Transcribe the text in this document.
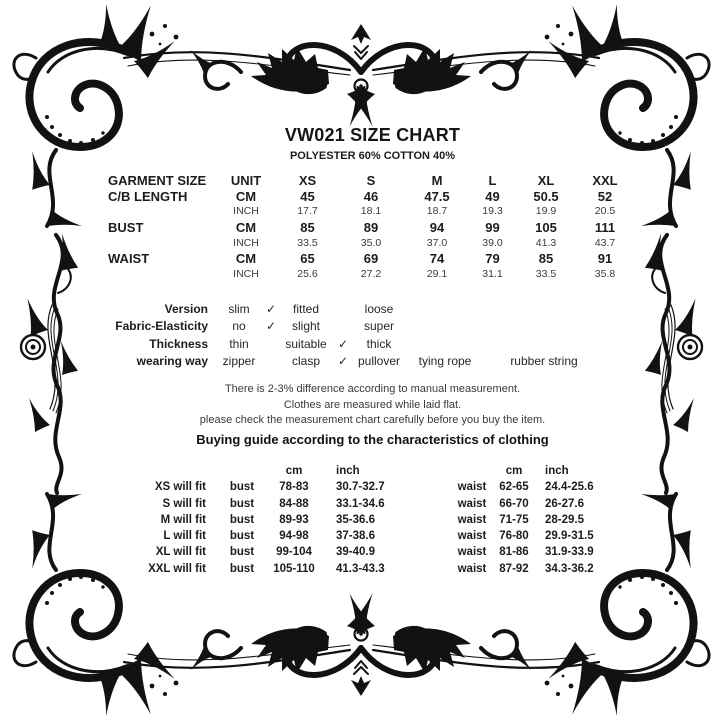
VW021 SIZE CHART
POLYESTER 60% COTTON 40%
GARMENT SIZE	UNIT	XS	S	M	L	XL	XXL
C/B LENGTH	CM	45	46	47.5	49	50.5	52
INCH	17.7	18.1	18.7	19.3	19.9	20.5
BUST	CM	85	89	94	99	105	111
INCH	33.5	35.0	37.0	39.0	41.3	43.7
WAIST	CM	65	69	74	79	85	91
INCH	25.6	27.2	29.1	31.1	33.5	35.8
Version	slim	✓	fitted	loose
Fabric-Elasticity	no	✓	slight	super
Thickness	thin	suitable ✓	thick
wearing way	zipper	clasp	✓ pullover	tying rope	rubber string
There is 2-3% difference according to manual measurement.
Clothes are measured while laid flat.
please check the measurement chart carefully before you buy the item.
Buying guide according to the characteristics of clothing
cm	inch	cm	inch
XS will fit	bust	78-83	30.7-32.7	waist	62-65	24.4-25.6
S will fit	bust	84-88	33.1-34.6	waist	66-70	26-27.6
M will fit	bust	89-93	35-36.6	waist	71-75	28-29.5
L will fit	bust	94-98	37-38.6	waist	76-80	29.9-31.5
XL will fit	bust	99-104	39-40.9	waist	81-86	31.9-33.9
XXL will fit	bust	105-110	41.3-43.3	waist	87-92	34.3-36.2
